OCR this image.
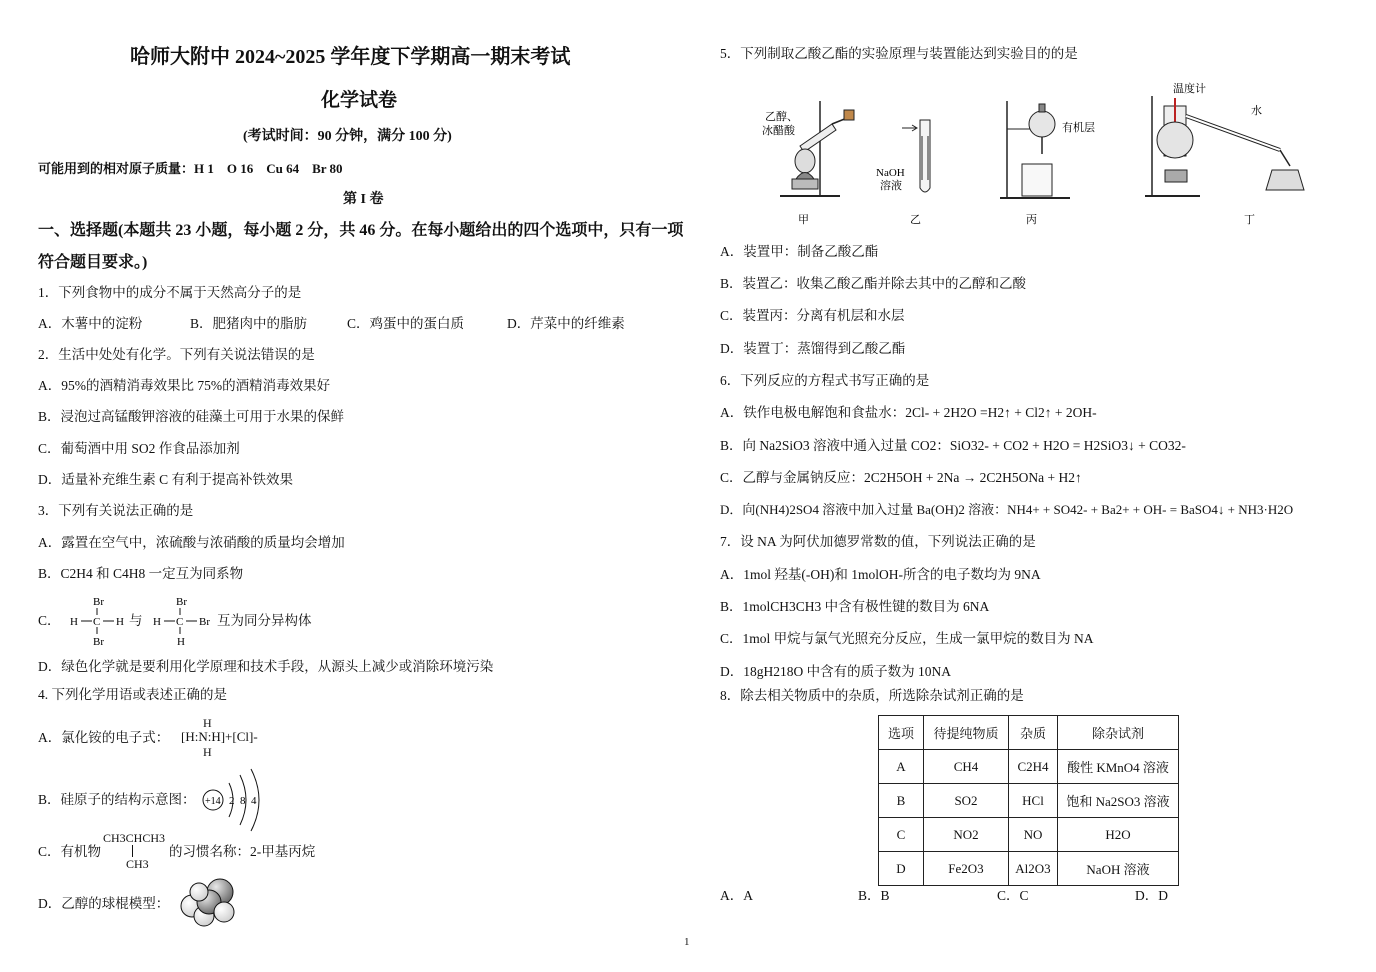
哈师大附中 2024~2025 学年度下学期高一期末考试
化学试卷
(考试时间：90 分钟，满分 100 分)
可能用到的相对原子质量：H 1    O 16    Cu 64    Br 80
第 I 卷
一、选择题(本题共 23 小题，每小题 2 分，共 46 分。在每小题给出的四个选项中，只有一项
符合题目要求。)
1．下列食物中的成分不属于天然高分子的是
A．木薯中的淀粉	B．肥猪肉中的脂肪	C．鸡蛋中的蛋白质	D．芹菜中的纤维素
2．生活中处处有化学。下列有关说法错误的是
A．95%的酒精消毒效果比 75%的酒精消毒效果好
B．浸泡过高锰酸钾溶液的硅藻土可用于水果的保鲜
C．葡萄酒中用 SO2 作食品添加剂
D．适量补充维生素 C 有利于提高补铁效果
3．下列有关说法正确的是
A．露置在空气中，浓硫酸与浓硝酸的质量均会增加
B．C2H4 和 C4H8 一定互为同系物
C．
Br
H C H
Br
与
Br
H C Br
H
互为同分异构体
D．绿色化学就是要利用化学原理和技术手段，从源头上减少或消除环境污染
4. 下列化学用语或表述正确的是
A．氯化铵的电子式：
H
[H:N:H]+[Cl]-
H
B．硅原子的结构示意图： +14 2 8 4
C．有机物
CH3CHCH3
CH3
的习惯名称：2-甲基丙烷
D．乙醇的球棍模型：
5．下列制取乙酸乙酯的实验原理与装置能达到实验目的的是
乙醇、
冰醋酸
甲
NaOH
溶液
乙
有机层
丙
温度计
水
丁
A．装置甲：制备乙酸乙酯
B．装置乙：收集乙酸乙酯并除去其中的乙醇和乙酸
C．装置丙：分离有机层和水层
D．装置丁：蒸馏得到乙酸乙酯
6．下列反应的方程式书写正确的是
A．铁作电极电解饱和食盐水：2Cl- + 2H2O =H2↑ + Cl2↑ + 2OH-
B．向 Na2SiO3 溶液中通入过量 CO2：SiO32- + CO2 + H2O = H2SiO3↓ + CO32-
C．乙醇与金属钠反应：2C2H5OH + 2Na → 2C2H5ONa + H2↑
D．向(NH4)2SO4 溶液中加入过量 Ba(OH)2 溶液：NH4+ + SO42- + Ba2+ + OH- = BaSO4↓ + NH3·H2O
7．设 NA 为阿伏加德罗常数的值，下列说法正确的是
A．1mol 羟基(-OH)和 1molOH-所含的电子数均为 9NA
B．1molCH3CH3 中含有极性键的数目为 6NA
C．1mol 甲烷与氯气光照充分反应，生成一氯甲烷的数目为 NA
D．18gH218O 中含有的质子数为 10NA
8．除去相关物质中的杂质，所选除杂试剂正确的是
选项	待提纯物质	杂质	除杂试剂
A	CH4	C2H4	酸性 KMnO4 溶液
B	SO2	HCl	饱和 Na2SO3 溶液
C	NO2	NO	H2O
D	Fe2O3	Al2O3	NaOH 溶液
A．A	B．B	C．C	D．D
1
